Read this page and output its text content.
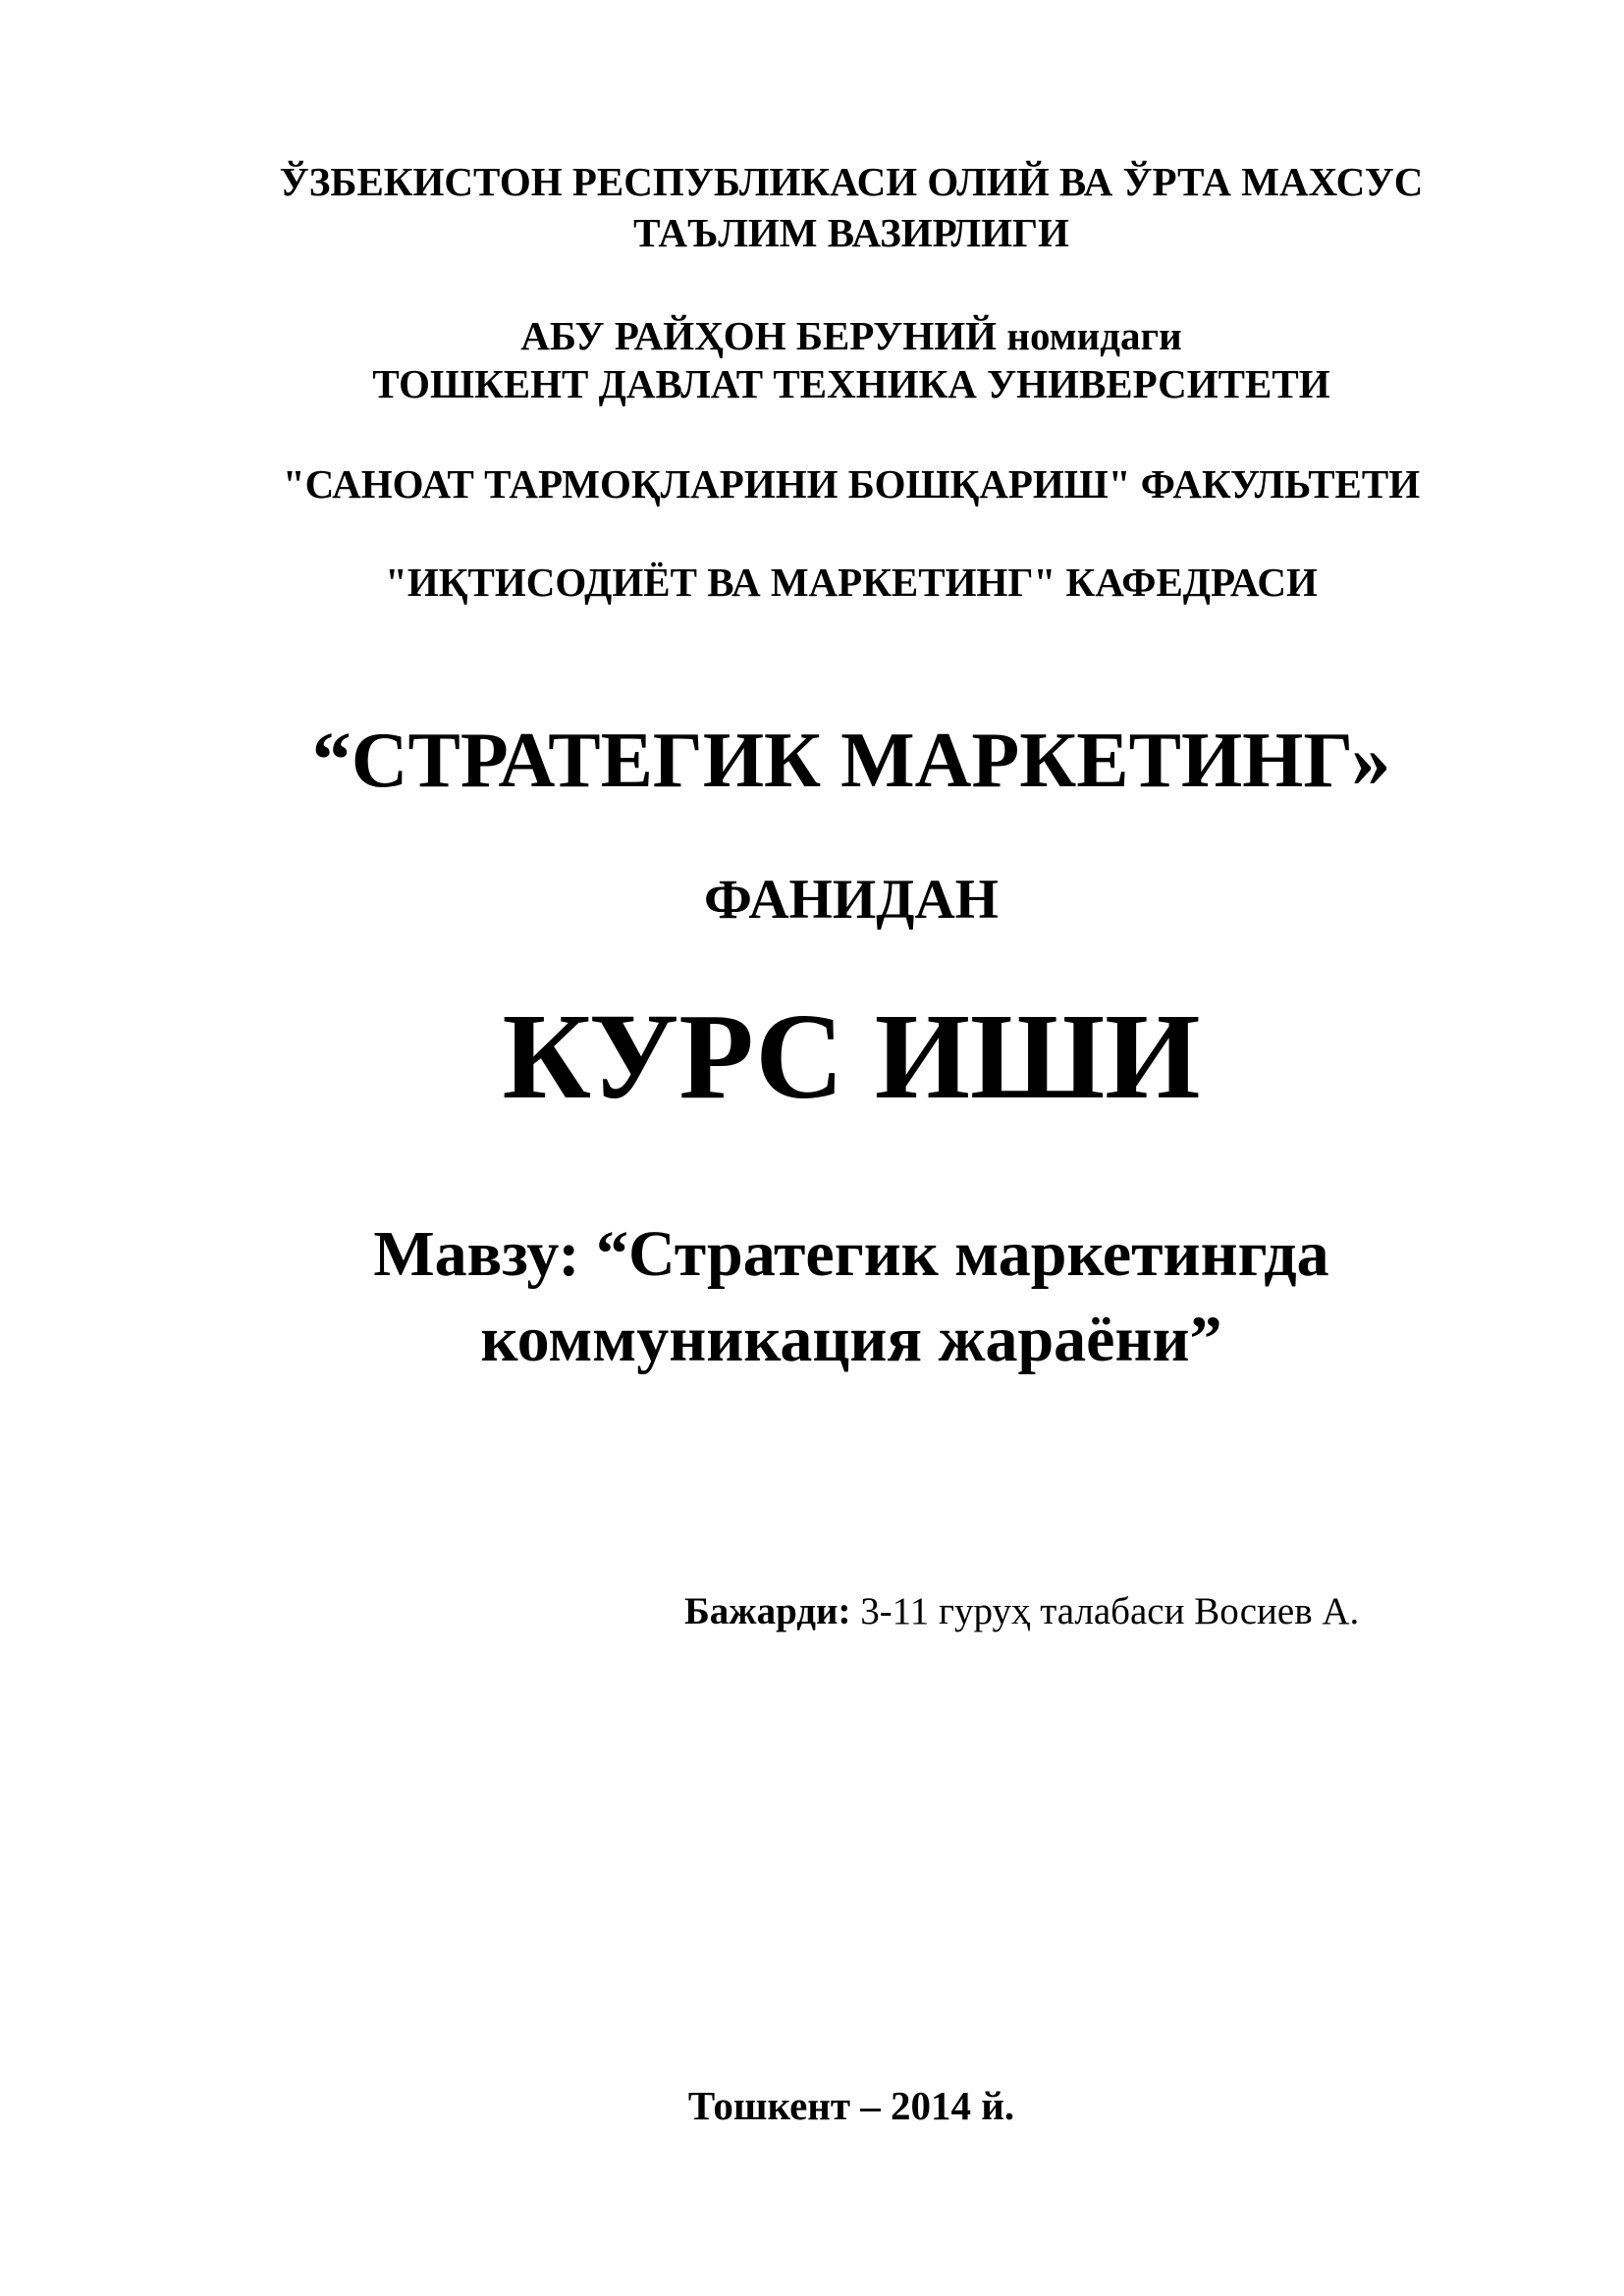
ЎЗБЕКИСТОН РЕСПУБЛИКАСИ ОЛИЙ ВА ЎРТА МАХСУС
ТАЪЛИМ ВАЗИРЛИГИ
АБУ РАЙҲОН БЕРУНИЙ номидаги
ТОШКЕНТ ДАВЛАТ ТЕХНИКА УНИВЕРСИТЕТИ
"САНОАТ ТАРМОҚЛАРИНИ БОШҚАРИШ" ФАКУЛЬТЕТИ
"ИҚТИСОДИЁТ ВА МАРКЕТИНГ" КАФЕДРАСИ
“СТРАТЕГИК МАРКЕТИНГ»
ФАНИДАН
КУРС ИШИ
Мавзу: “Стратегик маркетингда
коммуникация жараёни”
Бажарди: 3-11 гуруҳ талабаси Восиев А.
Тошкент – 2014 й.
